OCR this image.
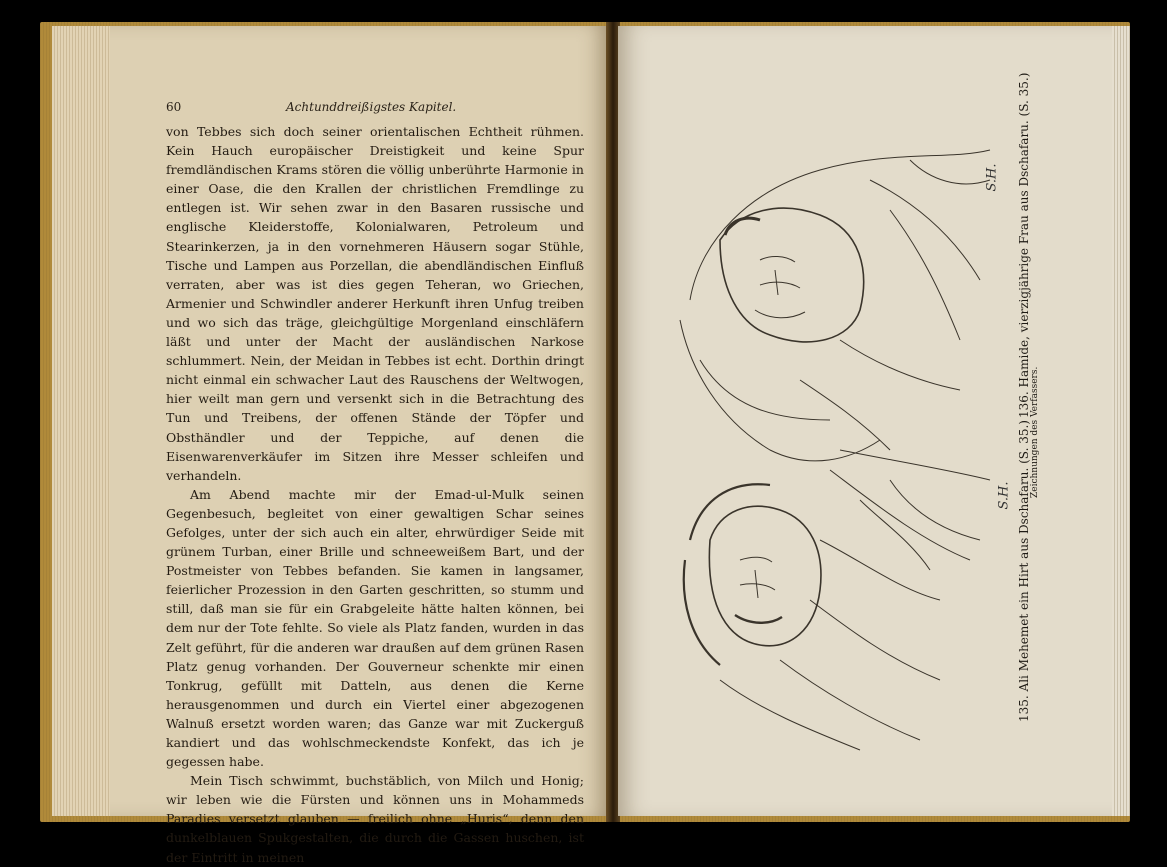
60	Achtunddreißigstes Kapitel.

von Tebbes sich doch seiner orientalischen Echtheit rühmen. Kein Hauch europäischer Dreistigkeit und keine Spur fremdländischen Krams stören die völlig unberührte Harmonie in einer Oase, die den Krallen der christlichen Fremdlinge zu entlegen ist. Wir sehen zwar in den Basaren russische und englische Kleiderstoffe, Kolonialwaren, Petroleum und Stearinkerzen, ja in den vornehmeren Häusern sogar Stühle, Tische und Lampen aus Porzellan, die abendländischen Einfluß verraten, aber was ist dies gegen Teheran, wo Griechen, Armenier und Schwindler anderer Herkunft ihren Unfug treiben und wo sich das träge, gleichgültige Morgenland einschläfern läßt und unter der Macht der ausländischen Narkose schlummert. Nein, der Meidan in Tebbes ist echt. Dorthin dringt nicht einmal ein schwacher Laut des Rauschens der Weltwogen, hier weilt man gern und versenkt sich in die Betrachtung des Tun und Treibens, der offenen Stände der Töpfer und Obsthändler und der Teppiche, auf denen die Eisenwarenverkäufer im Sitzen ihre Messer schleifen und verhandeln.

Am Abend machte mir der Emad-ul-Mulk seinen Gegenbesuch, begleitet von einer gewaltigen Schar seines Gefolges, unter der sich auch ein alter, ehrwürdiger Seide mit grünem Turban, einer Brille und schneeweißem Bart, und der Postmeister von Tebbes befanden. Sie kamen in langsamer, feierlicher Prozession in den Garten geschritten, so stumm und still, daß man sie für ein Grabgeleite hätte halten können, bei dem nur der Tote fehlte. So viele als Platz fanden, wurden in das Zelt geführt, für die anderen war draußen auf dem grünen Rasen Platz genug vorhanden. Der Gouverneur schenkte mir einen Tonkrug, gefüllt mit Datteln, aus denen die Kerne herausgenommen und durch ein Viertel einer abgezogenen Walnuß ersetzt worden waren; das Ganze war mit Zuckerguß kandiert und das wohlschmeckendste Konfekt, das ich je gegessen habe.

Mein Tisch schwimmt, buchstäblich, von Milch und Honig; wir leben wie die Fürsten und können uns in Mohammeds Paradies versetzt glauben — freilich ohne „Huris“, denn den dunkelblauen Spukgestalten, die durch die Gassen huschen, ist der Eintritt in meinen

S.H.
S.H. 135. Ali Mehemet ein Hirt aus Dschafaru. (S. 35.)
136. Hamide, vierzigjährige Frau aus Dschafaru. (S. 35.)
Zeichnungen des Verfassers.
